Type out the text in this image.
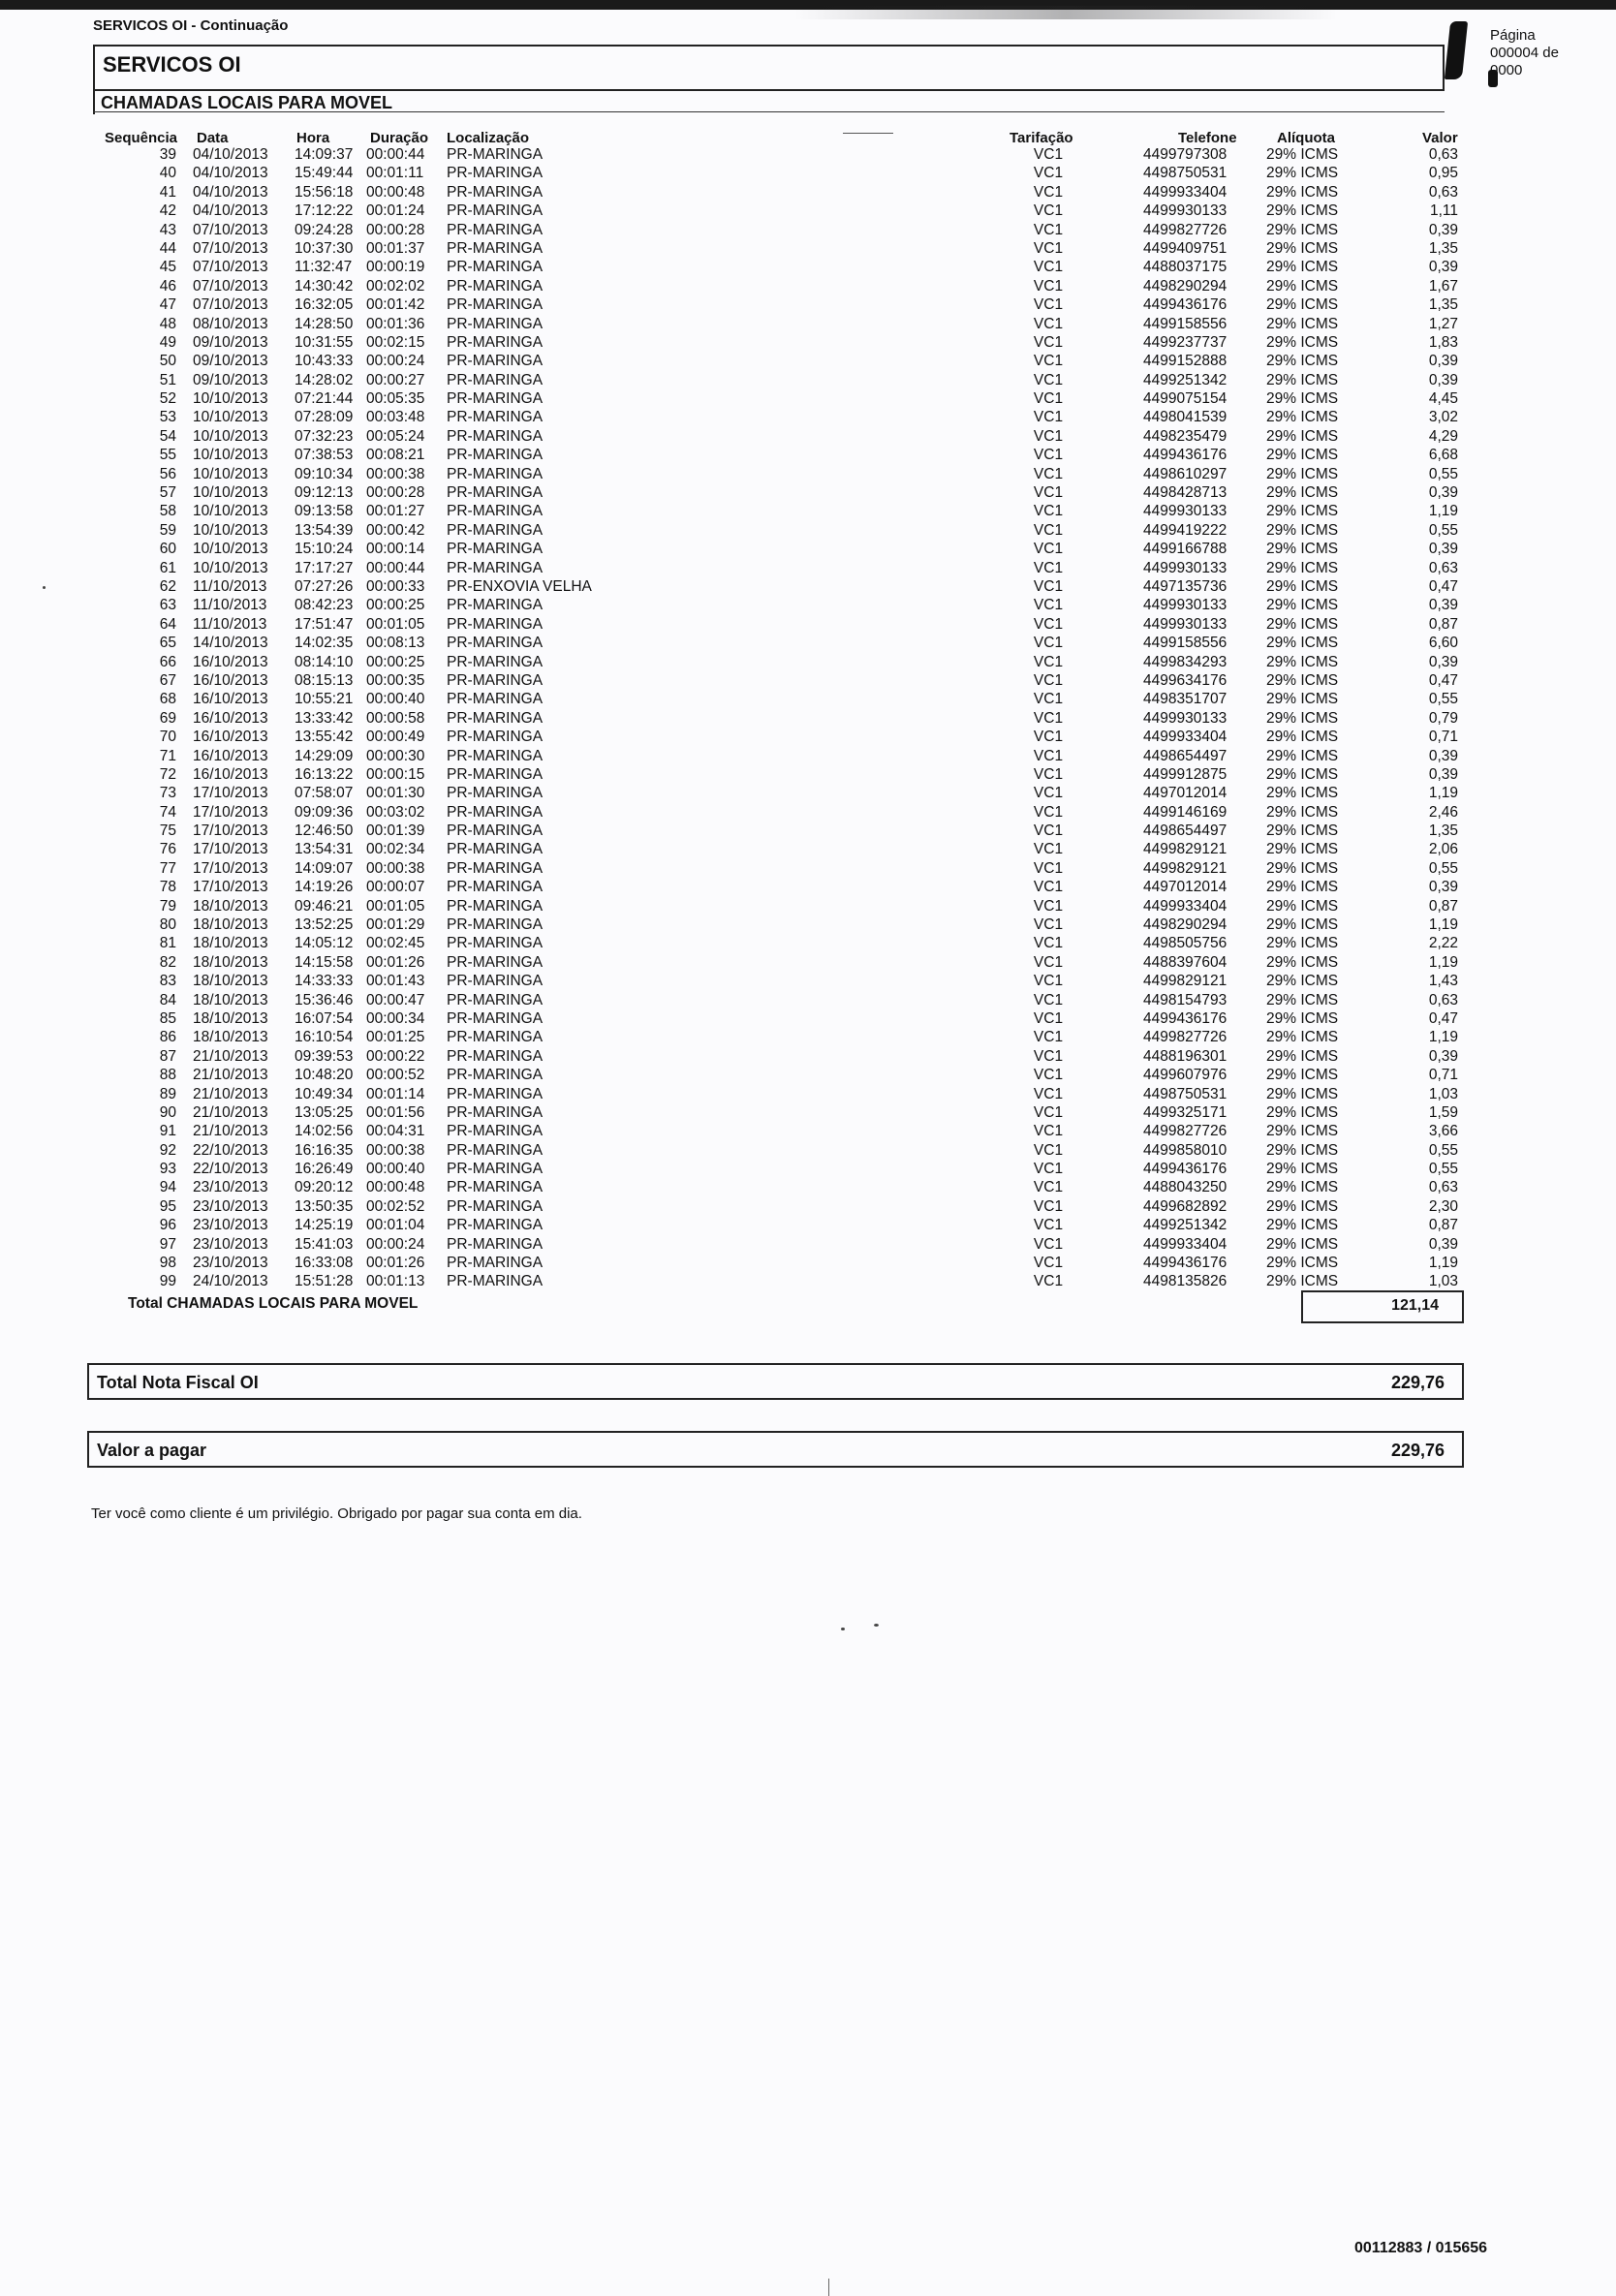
SERVICOS OI - Continuação
Página
000004 de
0000
SERVICOS OI
CHAMADAS LOCAIS PARA MOVEL
Sequência Data	Hora	Duração Localização	Tarifação	Telefone	Alíquota	Valor
39 04/10/2013 14:09:37 00:00:44 PR-MARINGA	VC1	4499797308	29% ICMS	0,63
40 04/10/2013 15:49:44 00:01:11 PR-MARINGA	VC1	4498750531	29% ICMS	0,95
41 04/10/2013 15:56:18 00:00:48 PR-MARINGA	VC1	4499933404	29% ICMS	0,63
42 04/10/2013 17:12:22 00:01:24 PR-MARINGA	VC1	4499930133	29% ICMS	1,11
43 07/10/2013 09:24:28 00:00:28 PR-MARINGA	VC1	4499827726	29% ICMS	0,39
44 07/10/2013 10:37:30 00:01:37 PR-MARINGA	VC1	4499409751	29% ICMS	1,35
45 07/10/2013 11:32:47 00:00:19 PR-MARINGA	VC1	4488037175	29% ICMS	0,39
46 07/10/2013 14:30:42 00:02:02 PR-MARINGA	VC1	4498290294	29% ICMS	1,67
47 07/10/2013 16:32:05 00:01:42 PR-MARINGA	VC1	4499436176	29% ICMS	1,35
48 08/10/2013 14:28:50 00:01:36 PR-MARINGA	VC1	4499158556	29% ICMS	1,27
49 09/10/2013 10:31:55 00:02:15 PR-MARINGA	VC1	4499237737	29% ICMS	1,83
50 09/10/2013 10:43:33 00:00:24 PR-MARINGA	VC1	4499152888	29% ICMS	0,39
51 09/10/2013 14:28:02 00:00:27 PR-MARINGA	VC1	4499251342	29% ICMS	0,39
52 10/10/2013 07:21:44 00:05:35 PR-MARINGA	VC1	4499075154	29% ICMS	4,45
53 10/10/2013 07:28:09 00:03:48 PR-MARINGA	VC1	4498041539	29% ICMS	3,02
54 10/10/2013 07:32:23 00:05:24 PR-MARINGA	VC1	4498235479	29% ICMS	4,29
55 10/10/2013 07:38:53 00:08:21 PR-MARINGA	VC1	4499436176	29% ICMS	6,68
56 10/10/2013 09:10:34 00:00:38 PR-MARINGA	VC1	4498610297	29% ICMS	0,55
57 10/10/2013 09:12:13 00:00:28 PR-MARINGA	VC1	4498428713	29% ICMS	0,39
58 10/10/2013 09:13:58 00:01:27 PR-MARINGA	VC1	4499930133	29% ICMS	1,19
59 10/10/2013 13:54:39 00:00:42 PR-MARINGA	VC1	4499419222	29% ICMS	0,55
60 10/10/2013 15:10:24 00:00:14 PR-MARINGA	VC1	4499166788	29% ICMS	0,39
61 10/10/2013 17:17:27 00:00:44 PR-MARINGA	VC1	4499930133	29% ICMS	0,63
62 11/10/2013 07:27:26 00:00:33 PR-ENXOVIA VELHA	VC1	4497135736	29% ICMS	0,47
63 11/10/2013 08:42:23 00:00:25 PR-MARINGA	VC1	4499930133	29% ICMS	0,39
64 11/10/2013 17:51:47 00:01:05 PR-MARINGA	VC1	4499930133	29% ICMS	0,87
65 14/10/2013 14:02:35 00:08:13 PR-MARINGA	VC1	4499158556	29% ICMS	6,60
66 16/10/2013 08:14:10 00:00:25 PR-MARINGA	VC1	4499834293	29% ICMS	0,39
67 16/10/2013 08:15:13 00:00:35 PR-MARINGA	VC1	4499634176	29% ICMS	0,47
68 16/10/2013 10:55:21 00:00:40 PR-MARINGA	VC1	4498351707	29% ICMS	0,55
69 16/10/2013 13:33:42 00:00:58 PR-MARINGA	VC1	4499930133	29% ICMS	0,79
70 16/10/2013 13:55:42 00:00:49 PR-MARINGA	VC1	4499933404	29% ICMS	0,71
71 16/10/2013 14:29:09 00:00:30 PR-MARINGA	VC1	4498654497	29% ICMS	0,39
72 16/10/2013 16:13:22 00:00:15 PR-MARINGA	VC1	4499912875	29% ICMS	0,39
73 17/10/2013 07:58:07 00:01:30 PR-MARINGA	VC1	4497012014	29% ICMS	1,19
74 17/10/2013 09:09:36 00:03:02 PR-MARINGA	VC1	4499146169	29% ICMS	2,46
75 17/10/2013 12:46:50 00:01:39 PR-MARINGA	VC1	4498654497	29% ICMS	1,35
76 17/10/2013 13:54:31 00:02:34 PR-MARINGA	VC1	4499829121	29% ICMS	2,06
77 17/10/2013 14:09:07 00:00:38 PR-MARINGA	VC1	4499829121	29% ICMS	0,55
78 17/10/2013 14:19:26 00:00:07 PR-MARINGA	VC1	4497012014	29% ICMS	0,39
79 18/10/2013 09:46:21 00:01:05 PR-MARINGA	VC1	4499933404	29% ICMS	0,87
80 18/10/2013 13:52:25 00:01:29 PR-MARINGA	VC1	4498290294	29% ICMS	1,19
81 18/10/2013 14:05:12 00:02:45 PR-MARINGA	VC1	4498505756	29% ICMS	2,22
82 18/10/2013 14:15:58 00:01:26 PR-MARINGA	VC1	4488397604	29% ICMS	1,19
83 18/10/2013 14:33:33 00:01:43 PR-MARINGA	VC1	4499829121	29% ICMS	1,43
84 18/10/2013 15:36:46 00:00:47 PR-MARINGA	VC1	4498154793	29% ICMS	0,63
85 18/10/2013 16:07:54 00:00:34 PR-MARINGA	VC1	4499436176	29% ICMS	0,47
86 18/10/2013 16:10:54 00:01:25 PR-MARINGA	VC1	4499827726	29% ICMS	1,19
87 21/10/2013 09:39:53 00:00:22 PR-MARINGA	VC1	4488196301	29% ICMS	0,39
88 21/10/2013 10:48:20 00:00:52 PR-MARINGA	VC1	4499607976	29% ICMS	0,71
89 21/10/2013 10:49:34 00:01:14 PR-MARINGA	VC1	4498750531	29% ICMS	1,03
90 21/10/2013 13:05:25 00:01:56 PR-MARINGA	VC1	4499325171	29% ICMS	1,59
91 21/10/2013 14:02:56 00:04:31 PR-MARINGA	VC1	4499827726	29% ICMS	3,66
92 22/10/2013 16:16:35 00:00:38 PR-MARINGA	VC1	4499858010	29% ICMS	0,55
93 22/10/2013 16:26:49 00:00:40 PR-MARINGA	VC1	4499436176	29% ICMS	0,55
94 23/10/2013 09:20:12 00:00:48 PR-MARINGA	VC1	4488043250	29% ICMS	0,63
95 23/10/2013 13:50:35 00:02:52 PR-MARINGA	VC1	4499682892	29% ICMS	2,30
96 23/10/2013 14:25:19 00:01:04 PR-MARINGA	VC1	4499251342	29% ICMS	0,87
97 23/10/2013 15:41:03 00:00:24 PR-MARINGA	VC1	4499933404	29% ICMS	0,39
98 23/10/2013 16:33:08 00:01:26 PR-MARINGA	VC1	4499436176	29% ICMS	1,19
99 24/10/2013 15:51:28 00:01:13 PR-MARINGA	VC1	4498135826	29% ICMS	1,03
Total CHAMADAS LOCAIS PARA MOVEL	121,14
Total Nota Fiscal OI	229,76
Valor a pagar	229,76
Ter você como cliente é um privilégio. Obrigado por pagar sua conta em dia.
00112883 / 015656
